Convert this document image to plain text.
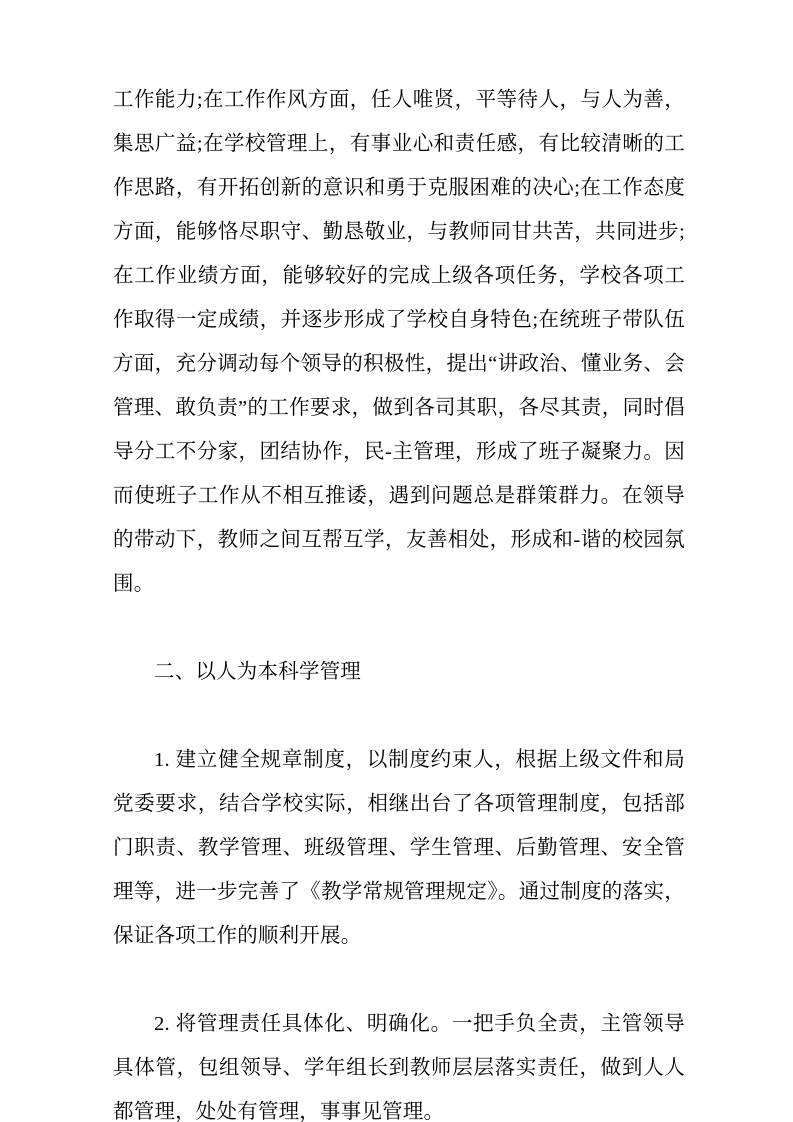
工作能力;在工作作风方面，任人唯贤，平等待人，与人为善，集思广益;在学校管理上，有事业心和责任感，有比较清晰的工作思路，有开拓创新的意识和勇于克服困难的决心;在工作态度方面，能够恪尽职守、勤恳敬业，与教师同甘共苦，共同进步;在工作业绩方面，能够较好的完成上级各项任务，学校各项工作取得一定成绩，并逐步形成了学校自身特色;在统班子带队伍方面，充分调动每个领导的积极性，提出“讲政治、懂业务、会管理、敢负责”的工作要求，做到各司其职，各尽其责，同时倡导分工不分家，团结协作，民-主管理，形成了班子凝聚力。因而使班子工作从不相互推诿，遇到问题总是群策群力。在领导的带动下，教师之间互帮互学，友善相处，形成和-谐的校园氛围。

二、以人为本科学管理

1. 建立健全规章制度，以制度约束人，根据上级文件和局党委要求，结合学校实际，相继出台了各项管理制度，包括部门职责、教学管理、班级管理、学生管理、后勤管理、安全管理等，进一步完善了《教学常规管理规定》。通过制度的落实，保证各项工作的顺利开展。

2. 将管理责任具体化、明确化。一把手负全责，主管领导具体管，包组领导、学年组长到教师层层落实责任，做到人人都管理，处处有管理，事事见管理。
